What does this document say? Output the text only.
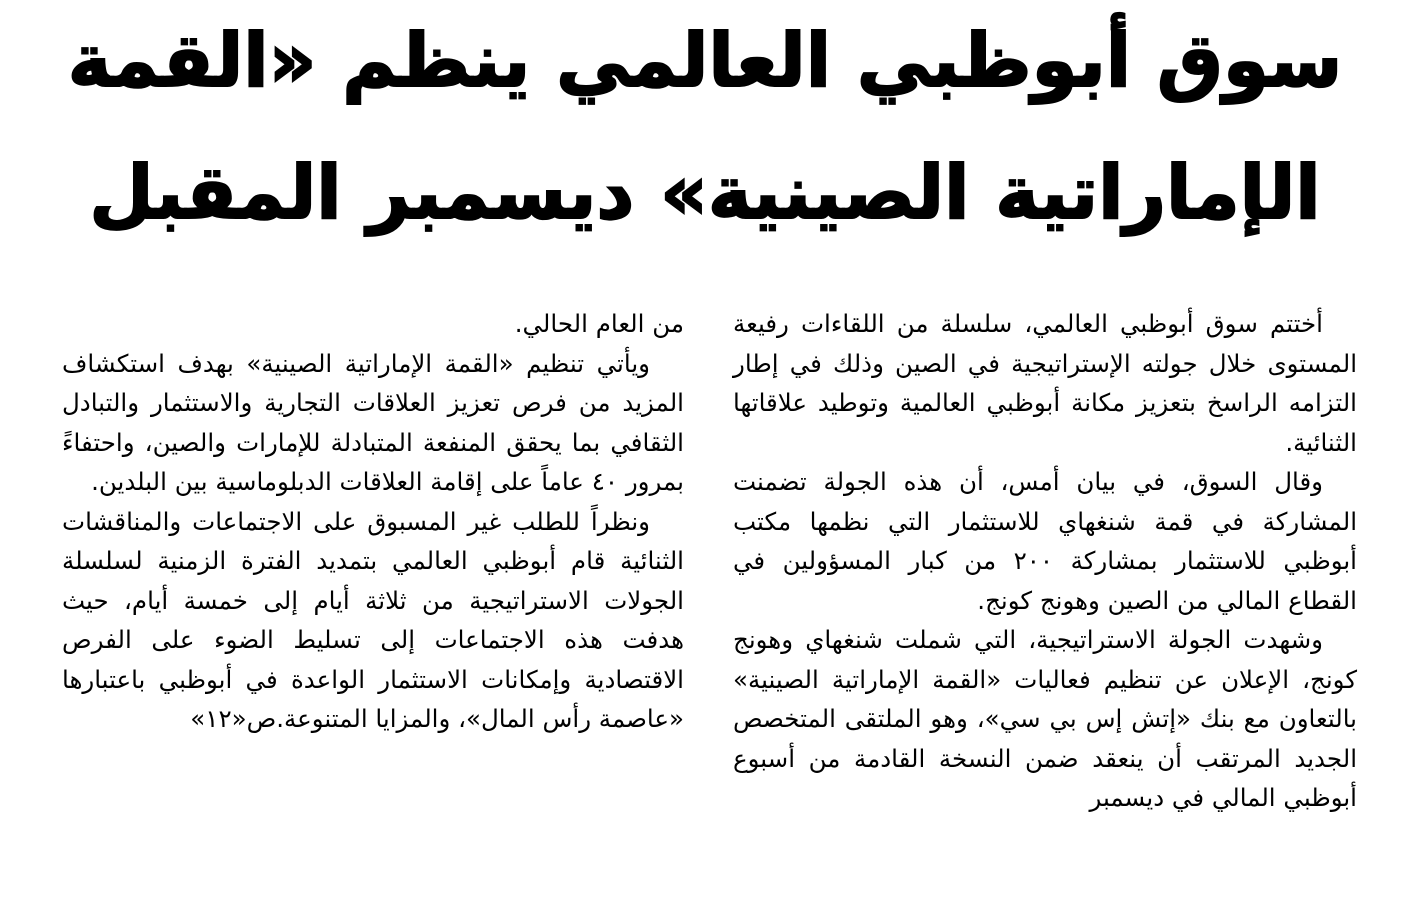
سوق أبوظبي العالمي ينظم «القمة
الإماراتية الصينية» ديسمبر المقبل

أختتم سوق أبوظبي العالمي، سلسلة من اللقاءات رفيعة المستوى خلال جولته الإستراتيجية في الصين وذلك في إطار التزامه الراسخ بتعزيز مكانة أبوظبي العالمية وتوطيد علاقاتها الثنائية.

وقال السوق، في بيان أمس، أن هذه الجولة تضمنت المشاركة في قمة شنغهاي للاستثمار التي نظمها مكتب أبوظبي للاستثمار بمشاركة ٢٠٠ من كبار المسؤولين في القطاع المالي من الصين وهونج كونج.

وشهدت الجولة الاستراتيجية، التي شملت شنغهاي وهونج كونج، الإعلان عن تنظيم فعاليات «القمة الإماراتية الصينية» بالتعاون مع بنك «إتش إس بي سي»، وهو الملتقى المتخصص الجديد المرتقب أن ينعقد ضمن النسخة القادمة من أسبوع أبوظبي المالي في ديسمبر

من العام الحالي.

ويأتي تنظيم «القمة الإماراتية الصينية» بهدف استكشاف المزيد من فرص تعزيز العلاقات التجارية والاستثمار والتبادل الثقافي بما يحقق المنفعة المتبادلة للإمارات والصين، واحتفاءً بمرور ٤٠ عاماً على إقامة العلاقات الدبلوماسية بين البلدين.

ونظراً للطلب غير المسبوق على الاجتماعات والمناقشات الثنائية قام أبوظبي العالمي بتمديد الفترة الزمنية لسلسلة الجولات الاستراتيجية من ثلاثة أيام إلى خمسة أيام، حيث هدفت هذه الاجتماعات إلى تسليط الضوء على الفرص الاقتصادية وإمكانات الاستثمار الواعدة في أبوظبي باعتبارها «عاصمة رأس المال»، والمزايا المتنوعة.ص«١٢»
